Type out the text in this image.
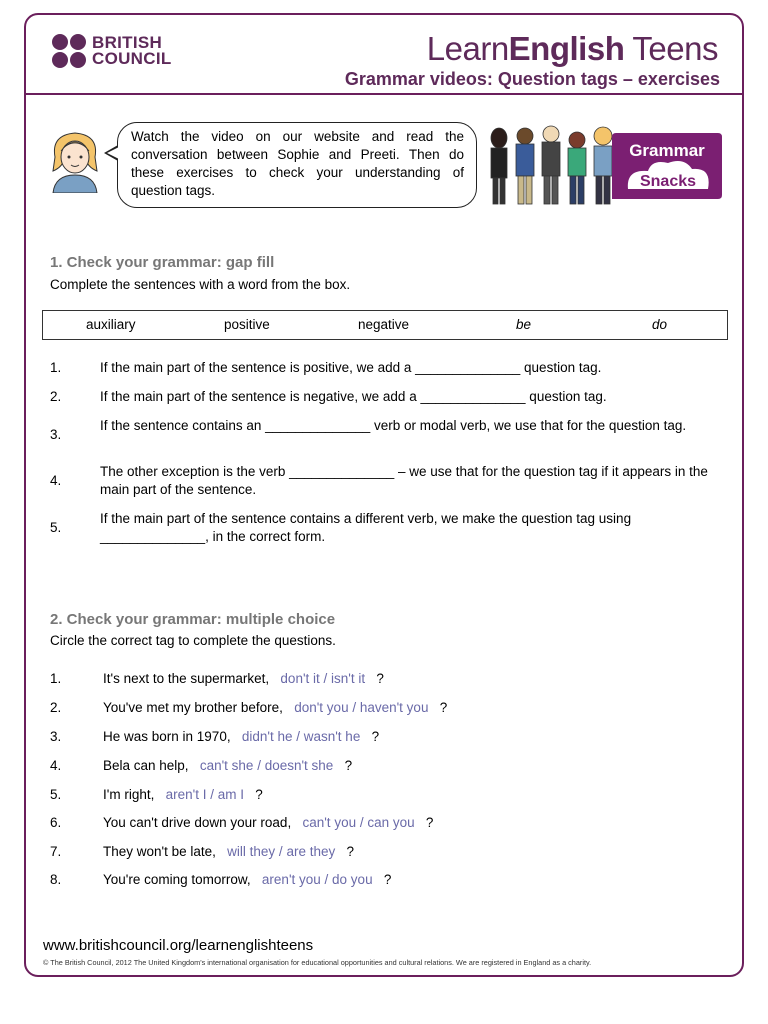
BRITISH
COUNCIL	LearnEnglish Teens
Grammar videos: Question tags – exercises
Watch the video on our website and read the conversation between Sophie and Preeti. Then do these exercises to check your understanding of question tags.
Grammar
Snacks
1. Check your grammar: gap fill
Complete the sentences with a word from the box.
auxiliary	positive	negative	be	do
1.	If the main part of the sentence is positive, we add a ______________ question tag.
2.	If the main part of the sentence is negative, we add a ______________ question tag.
3.
If the sentence contains an ______________ verb or modal verb, we use that for the question tag.
4.
The other exception is the verb ______________ – we use that for the question tag if it appears in the main part of the sentence.
5.
If the main part of the sentence contains a different verb, we make the question tag using ______________, in the correct form.
2. Check your grammar: multiple choice
Circle the correct tag to complete the questions.
1.	It's next to the supermarket, don't it / isn't it ?
2.	You've met my brother before, don't you / haven't you ?
3.	He was born in 1970, didn't he / wasn't he ?
4.	Bela can help, can't she / doesn't she ?
5.	I'm right, aren't I / am I ?
6.	You can't drive down your road, can't you / can you ?
7.	They won't be late, will they / are they ?
8.	You're coming tomorrow, aren't you / do you ?
www.britishcouncil.org/learnenglishteens
© The British Council, 2012 The United Kingdom's international organisation for educational opportunities and cultural relations. We are registered in England as a charity.
